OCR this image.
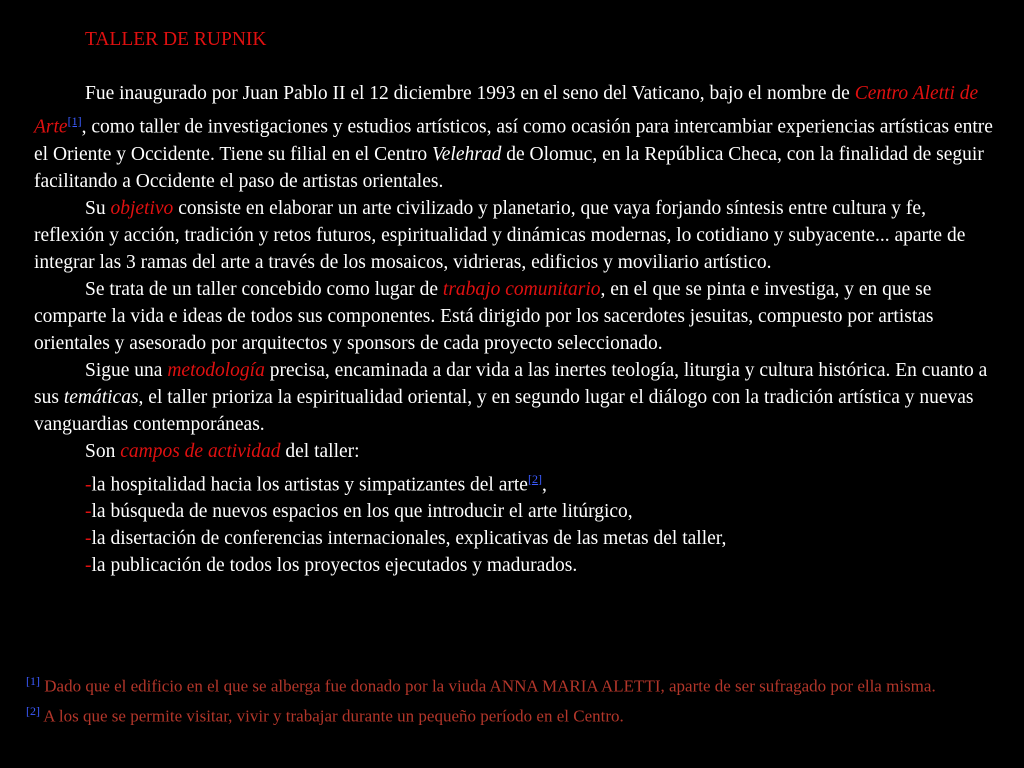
TALLER DE RUPNIK

Fue inaugurado por Juan Pablo II el 12 diciembre 1993 en el seno del Vaticano, bajo el nombre de Centro Aletti de Arte[1], como taller de investigaciones y estudios artísticos, así como ocasión para intercambiar experiencias artísticas entre el Oriente y Occidente. Tiene su filial en el Centro Velehrad de Olomuc, en la República Checa, con la finalidad de seguir facilitando a Occidente el paso de artistas orientales.

Su objetivo consiste en elaborar un arte civilizado y planetario, que vaya forjando síntesis entre cultura y fe, reflexión y acción, tradición y retos futuros, espiritualidad y dinámicas modernas, lo cotidiano y subyacente... aparte de integrar las 3 ramas del arte a través de los mosaicos, vidrieras, edificios y moviliario artístico.

Se trata de un taller concebido como lugar de trabajo comunitario, en el que se pinta e investiga, y en que se comparte la vida e ideas de todos sus componentes. Está dirigido por los sacerdotes jesuitas, compuesto por artistas orientales y asesorado por arquitectos y sponsors de cada proyecto seleccionado.

Sigue una metodología precisa, encaminada a dar vida a las inertes teología, liturgia y cultura histórica. En cuanto a sus temáticas, el taller prioriza la espiritualidad oriental, y en segundo lugar el diálogo con la tradición artística y nuevas vanguardias contemporáneas.

Son campos de actividad del taller:

-la hospitalidad hacia los artistas y simpatizantes del arte[2],
-la búsqueda de nuevos espacios en los que introducir el arte litúrgico,
-la disertación de conferencias internacionales, explicativas de las metas del taller,
-la publicación de todos los proyectos ejecutados y madurados.

[1] Dado que el edificio en el que se alberga fue donado por la viuda ANNA MARIA ALETTI, aparte de ser sufragado por ella misma.

[2] A los que se permite visitar, vivir y trabajar durante un pequeño período en el Centro.
